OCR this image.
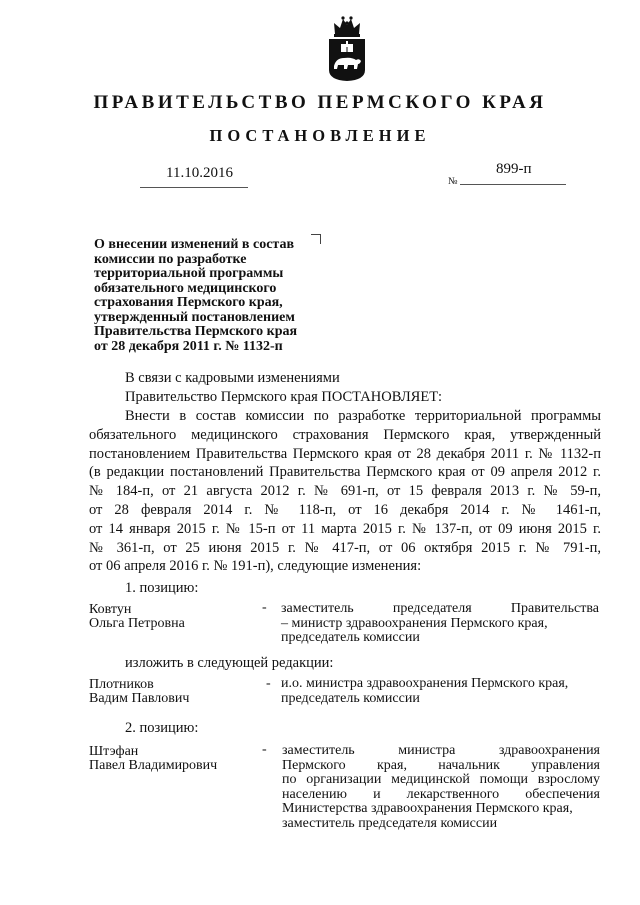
ПРАВИТЕЛЬСТВО ПЕРМСКОГО КРАЯ
ПОСТАНОВЛЕНИЕ
11.10.2016
№
899-п
О внесении изменений в состав
комиссии по разработке
территориальной программы
обязательного медицинского
страхования Пермского края,
утвержденный постановлением
Правительства Пермского края
от 28 декабря 2011 г. № 1132-п
В связи с кадровыми изменениями
Правительство Пермского края ПОСТАНОВЛЯЕТ:
Внести в состав комиссии по разработке территориальной программы
обязательного медицинского страхования Пермского края, утвержденный
постановлением Правительства Пермского края от 28 декабря 2011 г. № 1132-п
(в редакции постановлений Правительства Пермского края от 09 апреля 2012 г.
№ 184-п, от 21 августа 2012 г. № 691-п, от 15 февраля 2013 г. № 59-п,
от 28 февраля 2014 г. № 118-п, от 16 декабря 2014 г. № 1461-п,
от 14 января 2015 г. № 15-п от 11 марта 2015 г. № 137-п, от 09 июня 2015 г.
№ 361-п, от 25 июня 2015 г. № 417-п, от 06 октября 2015 г. № 791-п,
от 06 апреля 2016 г. № 191-п), следующие изменения:
1. позицию:
Ковтун
Ольга Петровна
- заместитель председателя Правительства
– министр здравоохранения Пермского края,
председатель комиссии
изложить в следующей редакции:
Плотников
Вадим Павлович
- и.о. министра здравоохранения Пермского края,
председатель комиссии
2. позицию:
Штэфан
Павел Владимирович
- заместитель министра здравоохранения
Пермского края, начальник управления
по организации медицинской помощи взрослому
населению и лекарственного обеспечения
Министерства здравоохранения Пермского края,
заместитель председателя комиссии
